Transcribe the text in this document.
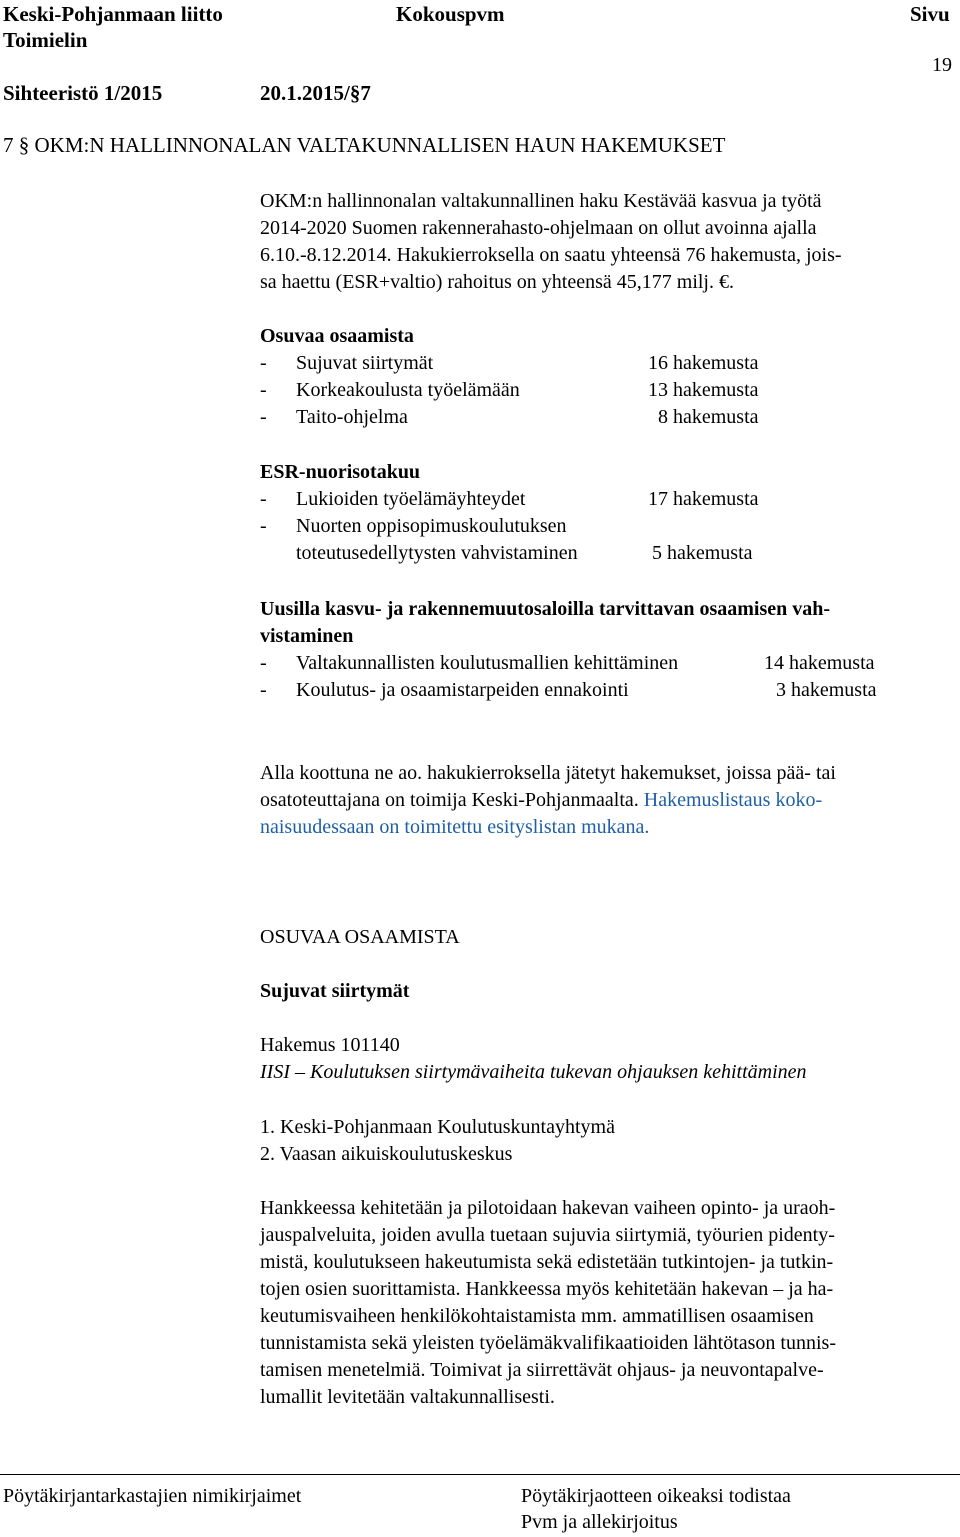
Keski-Pohjanmaan liitto
Toimielin
Sihteeristö 1/2015
Kokouspvm
20.1.2015/§7
Sivu
19
7 § OKM:N HALLINNONALAN VALTAKUNNALLISEN HAUN HAKEMUKSET
OKM:n hallinnonalan valtakunnallinen haku Kestävää kasvua ja työtä
2014-2020 Suomen rakennerahasto-ohjelmaan on ollut avoinna ajalla
6.10.-8.12.2014. Hakukierroksella on saatu yhteensä 76 hakemusta, jois-
sa haettu (ESR+valtio) rahoitus on yhteensä 45,177 milj. €.
Osuvaa osaamista
- Sujuvat siirtymät	16 hakemusta
- Korkeakoulusta työelämään	13 hakemusta
- Taito-ohjelma	8 hakemusta
ESR-nuorisotakuu
- Lukioiden työelämäyhteydet	17 hakemusta
- Nuorten oppisopimuskoulutuksen
toteutusedellytysten vahvistaminen	5 hakemusta
Uusilla kasvu- ja rakennemuutosaloilla tarvittavan osaamisen vah-
vistaminen
- Valtakunnallisten koulutusmallien kehittäminen	14 hakemusta
- Koulutus- ja osaamistarpeiden ennakointi	3 hakemusta
Alla koottuna ne ao. hakukierroksella jätetyt hakemukset, joissa pää- tai
osatoteuttajana on toimija Keski-Pohjanmaalta. Hakemuslistaus koko-
naisuudessaan on toimitettu esityslistan mukana.
OSUVAA OSAAMISTA
Sujuvat siirtymät
Hakemus 101140
IISI – Koulutuksen siirtymävaiheita tukevan ohjauksen kehittäminen
1. Keski-Pohjanmaan Koulutuskuntayhtymä
2. Vaasan aikuiskoulutuskeskus
Hankkeessa kehitetään ja pilotoidaan hakevan vaiheen opinto- ja uraoh-
jauspalveluita, joiden avulla tuetaan sujuvia siirtymiä, työurien pidenty-
mistä, koulutukseen hakeutumista sekä edistetään tutkintojen- ja tutkin-
tojen osien suorittamista. Hankkeessa myös kehitetään hakevan – ja ha-
keutumisvaiheen henkilökohtaistamista mm. ammatillisen osaamisen
tunnistamista sekä yleisten työelämäkvalifikaatioiden lähtötason tunnis-
tamisen menetelmiä. Toimivat ja siirrettävät ohjaus- ja neuvontapalve-
lumallit levitetään valtakunnallisesti.
Pöytäkirjantarkastajien nimikirjaimet	Pöytäkirjaotteen oikeaksi todistaa
Pvm ja allekirjoitus
